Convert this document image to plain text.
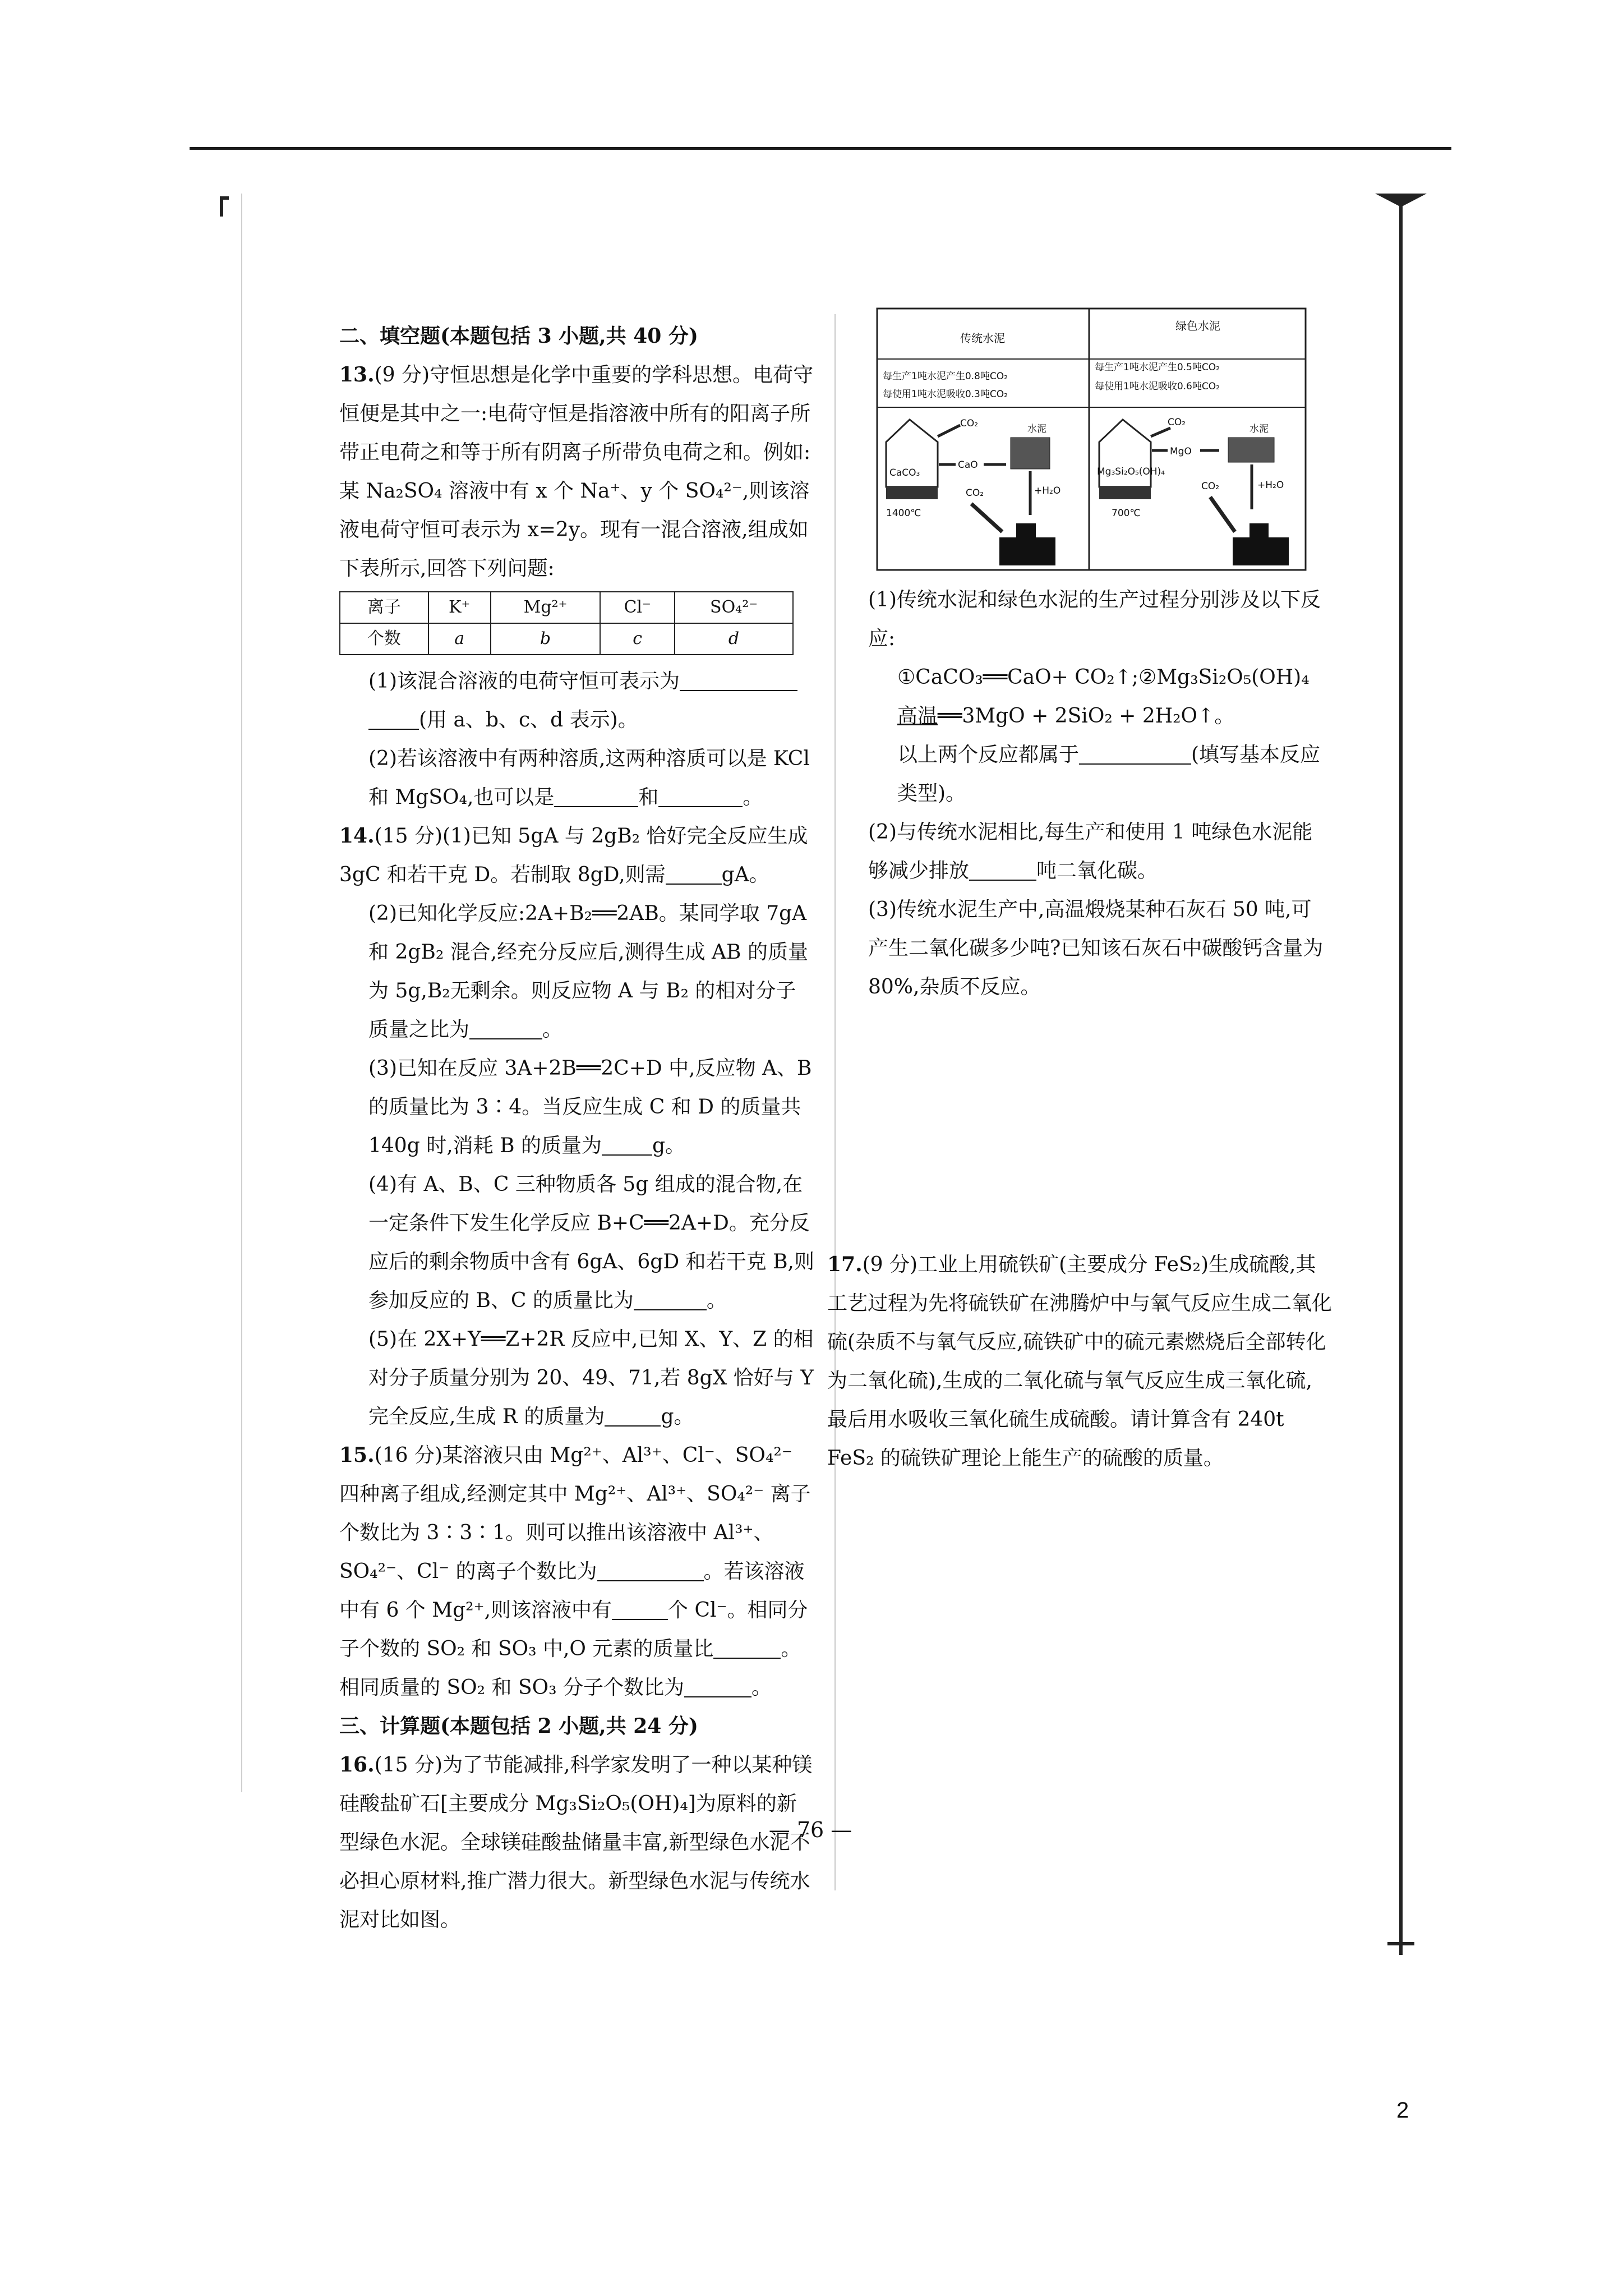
二、填空题(本题包括 3 小题,共 40 分)

13.(9 分)守恒思想是化学中重要的学科思想。电荷守恒便是其中之一:电荷守恒是指溶液中所有的阳离子所带正电荷之和等于所有阴离子所带负电荷之和。例如:某 Na₂SO₄ 溶液中有 x 个 Na⁺、y 个 SO₄²⁻,则该溶液电荷守恒可表示为 x=2y。现有一混合溶液,组成如下表所示,回答下列问题:

离子	K⁺	Mg²⁺	Cl⁻	SO₄²⁻
个数	a	b	c	d

(1)该混合溶液的电荷守恒可表示为
(用 a、b、c、d 表示)。

(2)若该溶液中有两种溶质,这两种溶质可以是 KCl 和 MgSO₄,也可以是	和	。

14.(15 分)(1)已知 5gA 与 2gB₂ 恰好完全反应生成 3gC 和若干克 D。若制取 8gD,则需	gA。

(2)已知化学反应:2A+B₂══2AB。某同学取 7gA 和 2gB₂ 混合,经充分反应后,测得生成 AB 的质量为 5g,B₂无剩余。则反应物 A 与 B₂ 的相对分子质量之比为	。

(3)已知在反应 3A+2B══2C+D 中,反应物 A、B 的质量比为 3∶4。当反应生成 C 和 D 的质量共 140g 时,消耗 B 的质量为	g。

(4)有 A、B、C 三种物质各 5g 组成的混合物,在一定条件下发生化学反应 B+C══2A+D。充分反应后的剩余物质中含有 6gA、6gD 和若干克 B,则参加反应的 B、C 的质量比为	。

(5)在 2X+Y══Z+2R 反应中,已知 X、Y、Z 的相对分子质量分别为 20、49、71,若 8gX 恰好与 Y 完全反应,生成 R 的质量为	g。

15.(16 分)某溶液只由 Mg²⁺、Al³⁺、Cl⁻、SO₄²⁻ 四种离子组成,经测定其中 Mg²⁺、Al³⁺、SO₄²⁻ 离子个数比为 3∶3∶1。则可以推出该溶液中 Al³⁺、SO₄²⁻、Cl⁻ 的离子个数比为	。若该溶液中有 6 个 Mg²⁺,则该溶液中有	个 Cl⁻。相同分子个数的 SO₂ 和 SO₃ 中,O 元素的质量比	。相同质量的 SO₂ 和 SO₃ 分子个数比为	。

三、计算题(本题包括 2 小题,共 24 分)

16.(15 分)为了节能减排,科学家发明了一种以某种镁硅酸盐矿石[主要成分 Mg₃Si₂O₅(OH)₄]为原料的新型绿色水泥。全球镁硅酸盐储量丰富,新型绿色水泥不必担心原材料,推广潜力很大。新型绿色水泥与传统水泥对比如图。

传统水泥
绿色水泥
每生产1吨水泥产生0.8吨CO₂
每使用1吨水泥吸收0.3吨CO₂
每生产1吨水泥产生0.5吨CO₂
每使用1吨水泥吸收0.6吨CO₂
CaCO₃
1400℃
CO₂
CaO
水泥
CO₂	+H₂O
Mg₃Si₂O₅(OH)₄
700℃
CO₂
MgO
水泥
CO₂	+H₂O

(1)传统水泥和绿色水泥的生产过程分别涉及以下反应:

①CaCO₃══CaO+ CO₂↑;②Mg₃Si₂O₅(OH)₄

高温══3MgO + 2SiO₂ + 2H₂O↑。

以上两个反应都属于	(填写基本反应类型)。

(2)与传统水泥相比,每生产和使用 1 吨绿色水泥能够减少排放	吨二氧化碳。

(3)传统水泥生产中,高温煅烧某种石灰石 50 吨,可产生二氧化碳多少吨?已知该石灰石中碳酸钙含量为 80%,杂质不反应。

17.(9 分)工业上用硫铁矿(主要成分 FeS₂)生成硫酸,其工艺过程为先将硫铁矿在沸腾炉中与氧气反应生成二氧化硫(杂质不与氧气反应,硫铁矿中的硫元素燃烧后全部转化为二氧化硫),生成的二氧化硫与氧气反应生成三氧化硫,最后用水吸收三氧化硫生成硫酸。请计算含有 240t FeS₂ 的硫铁矿理论上能生产的硫酸的质量。

— 76 —
2
